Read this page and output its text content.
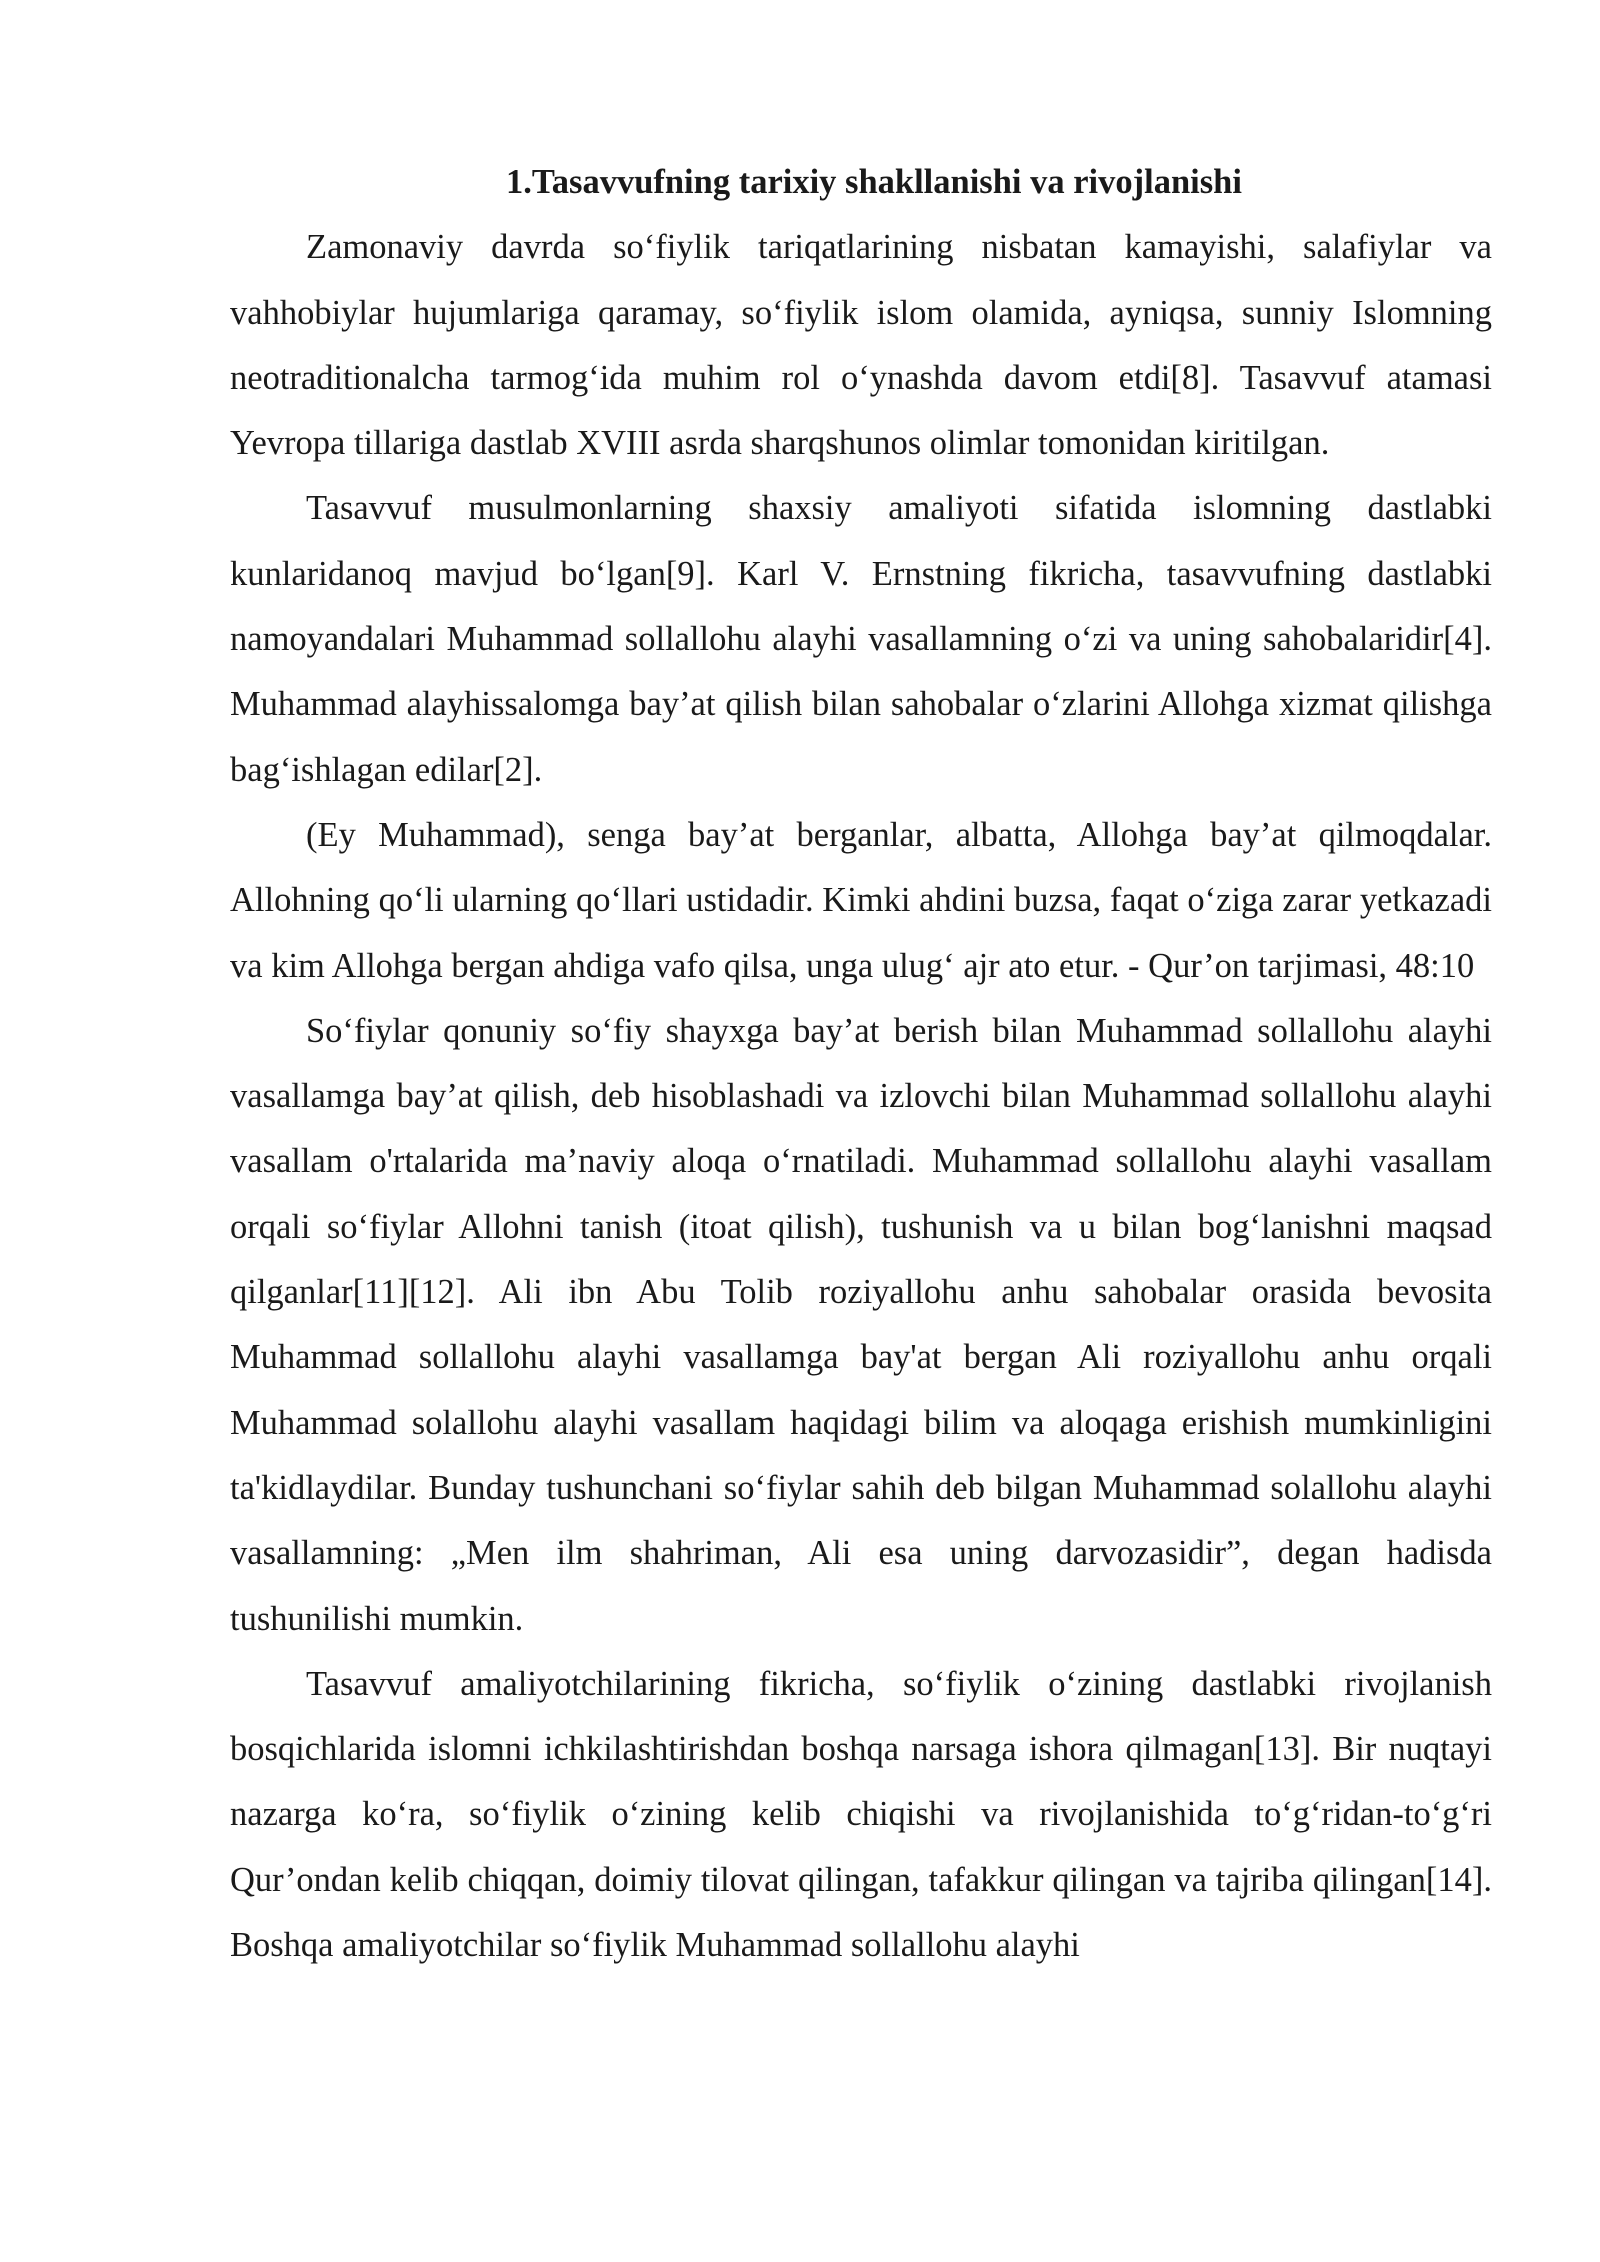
1.Tasavvufning tarixiy shakllanishi va rivojlanishi

Zamonaviy davrda so‘fiylik tariqatlarining nisbatan kamayishi, salafiylar va vahhobiylar hujumlariga qaramay, so‘fiylik islom olamida, ayniqsa, sunniy Islomning neotraditionalcha tarmog‘ida muhim rol o‘ynashda davom etdi[8]. Tasavvuf atamasi Yevropa tillariga dastlab XVIII asrda sharqshunos olimlar tomonidan kiritilgan.

Tasavvuf musulmonlarning shaxsiy amaliyoti sifatida islomning dastlabki kunlaridanoq mavjud bo‘lgan[9]. Karl V. Ernstning fikricha, tasavvufning dastlabki namoyandalari Muhammad sollallohu alayhi vasallamning o‘zi va uning sahobalaridir[4]. Muhammad alayhissalomga bay’at qilish bilan sahobalar o‘zlarini Allohga xizmat qilishga bag‘ishlagan edilar[2].

(Ey Muhammad), senga bay’at berganlar, albatta, Allohga bay’at qilmoqdalar. Allohning qo‘li ularning qo‘llari ustidadir. Kimki ahdini buzsa, faqat o‘ziga zarar yetkazadi va kim Allohga bergan ahdiga vafo qilsa, unga ulug‘ ajr ato etur. - Qur’on tarjimasi, 48:10

So‘fiylar qonuniy so‘fiy shayxga bay’at berish bilan Muhammad sollallohu alayhi vasallamga bay’at qilish, deb hisoblashadi va izlovchi bilan Muhammad sollallohu alayhi vasallam o'rtalarida ma’naviy aloqa o‘rnatiladi. Muhammad sollallohu alayhi vasallam orqali so‘fiylar Allohni tanish (itoat qilish), tushunish va u bilan bog‘lanishni maqsad qilganlar[11][12]. Ali ibn Abu Tolib roziyallohu anhu sahobalar orasida bevosita Muhammad sollallohu alayhi vasallamga bay'at bergan Ali roziyallohu anhu orqali Muhammad solallohu alayhi vasallam haqidagi bilim va aloqaga erishish mumkinligini ta'kidlaydilar. Bunday tushunchani so‘fiylar sahih deb bilgan Muhammad solallohu alayhi vasallamning: „Men ilm shahriman, Ali esa uning darvozasidir”, degan hadisda tushunilishi mumkin.

Tasavvuf amaliyotchilarining fikricha, so‘fiylik o‘zining dastlabki rivojlanish bosqichlarida islomni ichkilashtirishdan boshqa narsaga ishora qilmagan[13]. Bir nuqtayi nazarga ko‘ra, so‘fiylik o‘zining kelib chiqishi va rivojlanishida to‘g‘ridan-to‘g‘ri Qur’ondan kelib chiqqan, doimiy tilovat qilingan, tafakkur qilingan va tajriba qilingan[14]. Boshqa amaliyotchilar so‘fiylik Muhammad sollallohu alayhi
